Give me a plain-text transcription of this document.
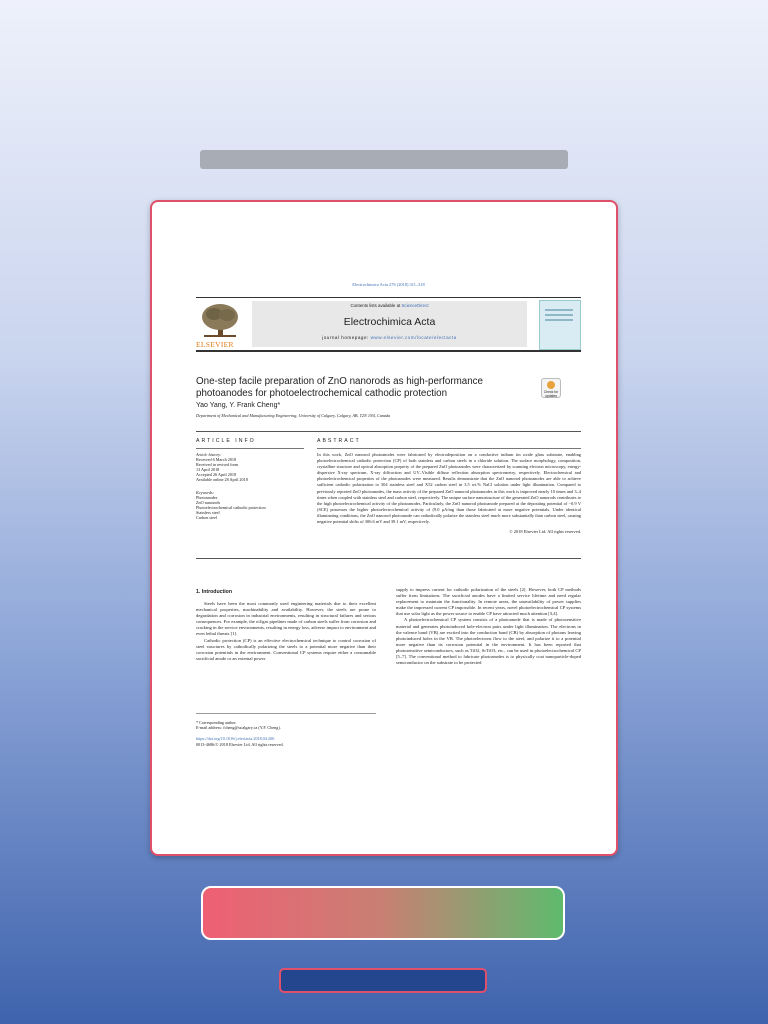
Electrochimica Acta 276 (2018) 311–318
ELSEVIER
Contents lists available at ScienceDirect
Electrochimica Acta
journal homepage: www.elsevier.com/locate/electacta
One-step facile preparation of ZnO nanorods as high-performance photoanodes for photoelectrochemical cathodic protection	Check for updates
Yao Yang, Y. Frank Cheng*
Department of Mechanical and Manufacturing Engineering, University of Calgary, Calgary, AB, T2N 1N4, Canada
ARTICLE INFO
Article history:
Received 6 March 2018
Received in revised form
13 April 2018
Accepted 26 April 2018
Available online 28 April 2018
Keywords:
Photoanodes
ZnO nanorods
Photoelectrochemical cathodic protection
Stainless steel
Carbon steel
ABSTRACT
In this work, ZnO nanorod photoanodes were fabricated by electrodeposition on a conductive indium tin oxide glass substrate, enabling photoelectrochemical cathodic protection (CP) of both stainless and carbon steels in a chloride solution. The surface morphology, composition, crystalline structure and optical absorption property of the prepared ZnO photoanodes were characterized by scanning electron microscopy, energy-dispersive X-ray spectrum, X-ray diffraction and UV–Visible diffuse reflection absorption spectrometry, respectively. Electrochemical and photoelectrochemical properties of the photoanodes were measured. Results demonstrate that the ZnO nanorod photoanodes are able to achieve sufficient cathodic polarization to 304 stainless steel and X52 carbon steel in 3.5 wt.% NaCl solution under light illumination. Compared to previously reported ZnO photoanodes, the mass activity of the prepared ZnO nanorod photoanodes in this work is improved nearly 10 times and 3–4 times when coupled with stainless steel and carbon steel, respectively. The unique surface nanostructure of the generated ZnO nanorods contributes to the high photoelectrochemical activity of the photoanodes. Particularly, the ZnO nanorod photoanode prepared at the depositing potential of −0.9 V (SCE) possesses the higher photoelectrochemical activity of (9.0 μA/mg than those fabricated at more negative potentials. Under identical illuminating conditions, the ZnO nanorod photoanode can cathodically polarize the stainless steel much more substantially than carbon steel, causing negative potential shifts of 306.6 mV and 39.1 mV, respectively.
© 2018 Elsevier Ltd. All rights reserved.
1. Introduction

Steels have been the most commonly used engineering materials due to their excellent mechanical properties, machinability and availability. However, the steels are prone to degradation and corrosion in industrial environments, resulting in structural failures and serious consequences. For example, the oil/gas pipelines made of carbon steels suffer from corrosion and cracking in the service environments, resulting in energy loss, adverse impact to environment and even lethal threats [1].

Cathodic protection (CP) is an effective electrochemical technique to control corrosion of steel structures by cathodically polarizing the steels to a potential more negative than their corrosion potentials in the environment. Conventional CP systems require either a consumable sacrificial anode or an external power

* Corresponding author.
E-mail address: fcheng@ucalgary.ca (Y.F. Cheng).
https://doi.org/10.1016/j.electacta.2018.04.206
0013-4686/© 2018 Elsevier Ltd. All rights reserved.

supply to impress current for cathodic polarization of the steels [2]. However, both CP methods suffer from limitations. The sacrificial anodes have a limited service lifetime and need regular replacement to maintain the functionality. In remote areas, the unavailability of power supplies make the impressed current CP impossible. In recent years, novel photoelectrochemical CP systems that use solar light as the power source to enable CP have attracted much attention [3,4].

A photoelectrochemical CP system consists of a photoanode that is made of photosensitive material and generates photoinduced hole-electron pairs under light illumination. The electrons in the valence band (VB) are excited into the conduction band (CB) by absorption of photons leaving photoinduced holes in the VB. The photoelectrons flow to the steel, and polarize it to a potential more negative than its corrosion potential in the environment. It has been reported that photosensitive semiconductors, such as TiO2, SrTiO3, etc., can be used in photoelectrochemical CP [5–7]. The conventional method to fabricate photoanodes is to physically coat nanoparticle-doped semiconductor on the substrate to be protected
